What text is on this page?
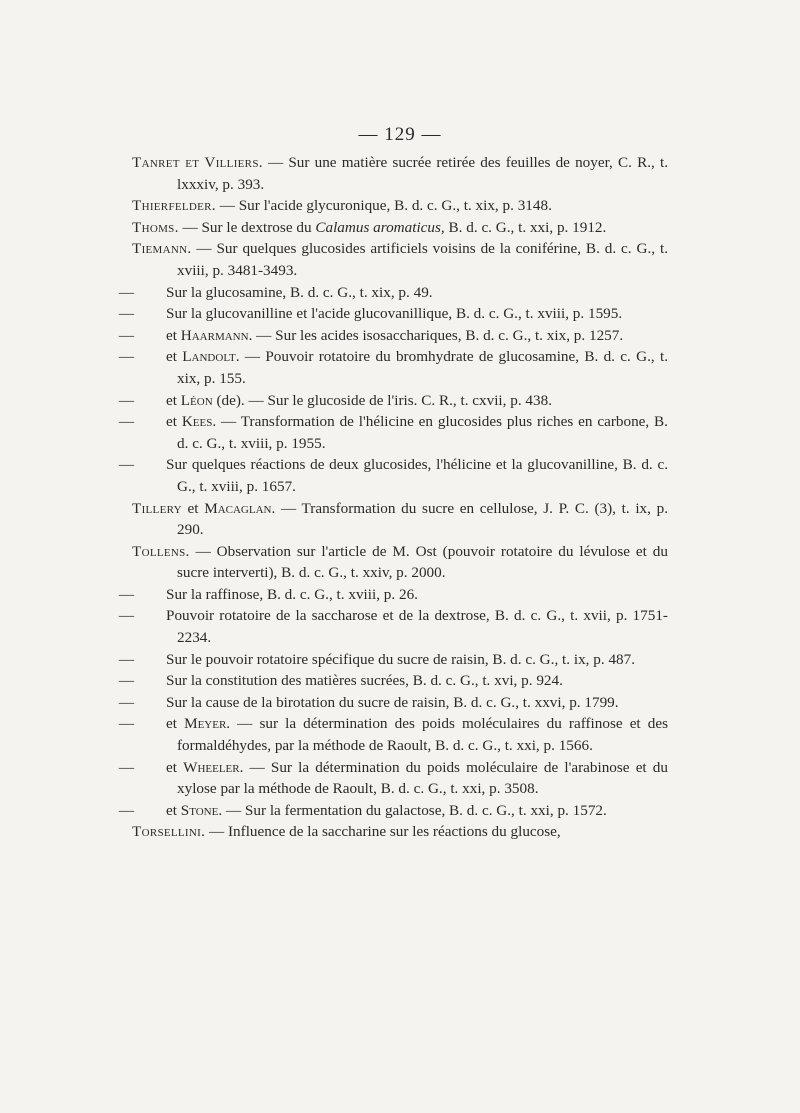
— 129 —

Tanret et Villiers. — Sur une matière sucrée retirée des feuilles de noyer, C. R., t. lxxxiv, p. 393.

Thierfelder. — Sur l'acide glycuronique, B. d. c. G., t. xix, p. 3148.

Thoms. — Sur le dextrose du Calamus aromaticus, B. d. c. G., t. xxi, p. 1912.

Tiemann. — Sur quelques glucosides artificiels voisins de la coniférine, B. d. c. G., t. xviii, p. 3481-3493.

— Sur la glucosamine, B. d. c. G., t. xix, p. 49.

— Sur la glucovanilline et l'acide glucovanillique, B. d. c. G., t. xviii, p. 1595.

— et Haarmann. — Sur les acides isosacchariques, B. d. c. G., t. xix, p. 1257.

— et Landolt. — Pouvoir rotatoire du bromhydrate de glucosamine, B. d. c. G., t. xix, p. 155.

— et Léon (de). — Sur le glucoside de l'iris. C. R., t. cxvii, p. 438.

— et Kees. — Transformation de l'hélicine en glucosides plus riches en carbone, B. d. c. G., t. xviii, p. 1955.

— Sur quelques réactions de deux glucosides, l'hélicine et la glucovanilline, B. d. c. G., t. xviii, p. 1657.

Tillery et Macaglan. — Transformation du sucre en cellulose, J. P. C. (3), t. ix, p. 290.

Tollens. — Observation sur l'article de M. Ost (pouvoir rotatoire du lévulose et du sucre interverti), B. d. c. G., t. xxiv, p. 2000.

— Sur la raffinose, B. d. c. G., t. xviii, p. 26.

— Pouvoir rotatoire de la saccharose et de la dextrose, B. d. c. G., t. xvii, p. 1751-2234.

— Sur le pouvoir rotatoire spécifique du sucre de raisin, B. d. c. G., t. ix, p. 487.

— Sur la constitution des matières sucrées, B. d. c. G., t. xvi, p. 924.

— Sur la cause de la birotation du sucre de raisin, B. d. c. G., t. xxvi, p. 1799.

— et Meyer. — sur la détermination des poids moléculaires du raffinose et des formaldéhydes, par la méthode de Raoult, B. d. c. G., t. xxi, p. 1566.

— et Wheeler. — Sur la détermination du poids moléculaire de l'arabinose et du xylose par la méthode de Raoult, B. d. c. G., t. xxi, p. 3508.

— et Stone. — Sur la fermentation du galactose, B. d. c. G., t. xxi, p. 1572.

Torsellini. — Influence de la saccharine sur les réactions du glucose,
